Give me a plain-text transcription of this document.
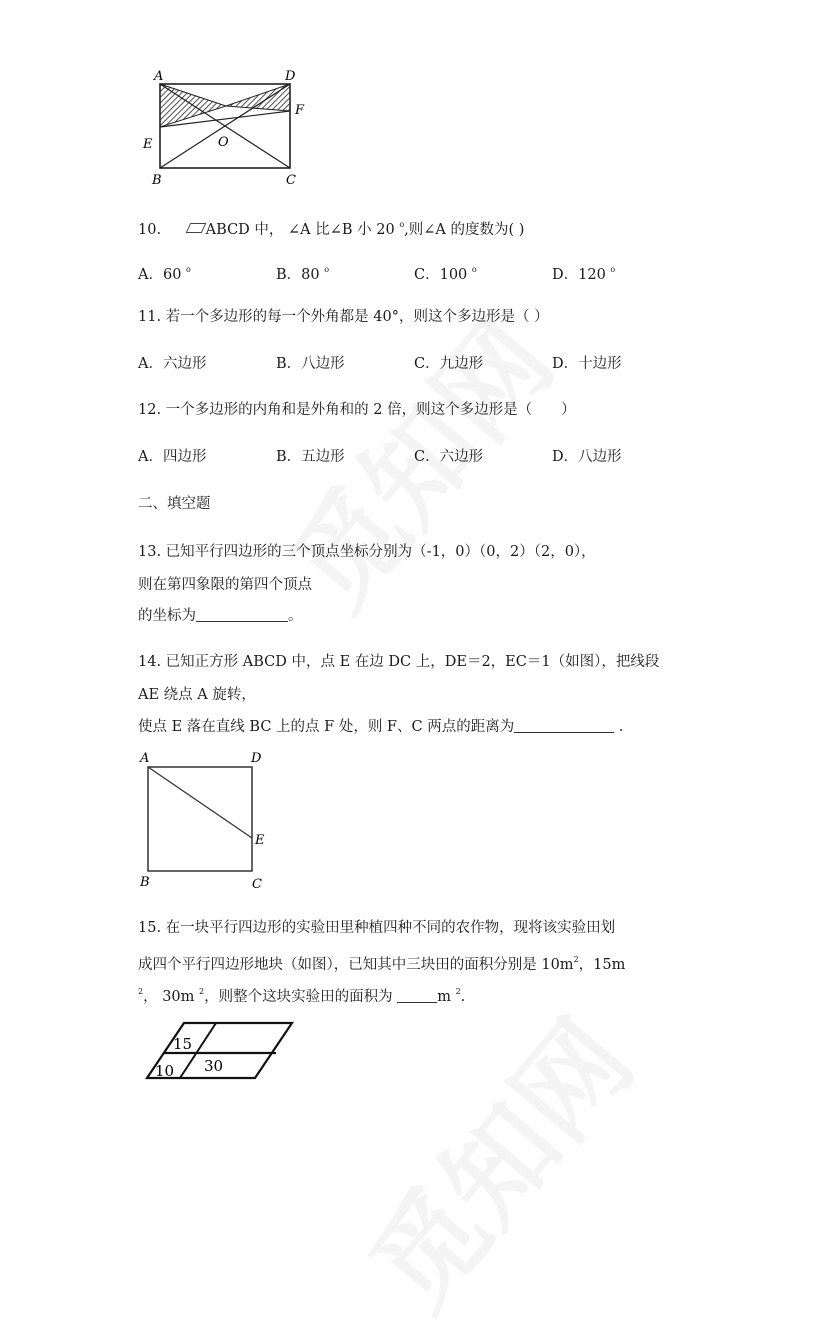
A	D
F
O
E
B	C
10.	ABCD 中， ∠A 比∠B 小 20 $^o$,则∠A 的度数为( )
A．60 $^o$	B．80 $^o$	C．100 $^o$	D．120 $^o$
11. 若一个多边形的每一个外角都是 40°，则这个多边形是（ ）
A．六边形	B．八边形	C．九边形	D．十边形
12. 一个多边形的内角和是外角和的 2 倍，则这个多边形是（　　）
A．四边形	B．五边形	C．六边形	D．八边形
二、填空题
13. 已知平行四边形的三个顶点坐标分别为（-1，0）（0，2）（2，0），
则在第四象限的第四个顶点
的坐标为	。
14. 已知正方形 ABCD 中，点 E 在边 DC 上，DE＝2，EC＝1（如图），把线段
AE 绕点 A 旋转，
使点 E 落在直线 BC 上的点 F 处，则 F、C 两点的距离为	.
A	D
E
B	C
15. 在一块平行四边形的实验田里种植四种不同的农作物，现将该实验田划
成四个平行四边形地块（如图），已知其中三块田的面积分别是 $10m^2$，15m
$^2$， 30m $^2$，则整个这块实验田的面积为	m $^2$.
15
10 30
